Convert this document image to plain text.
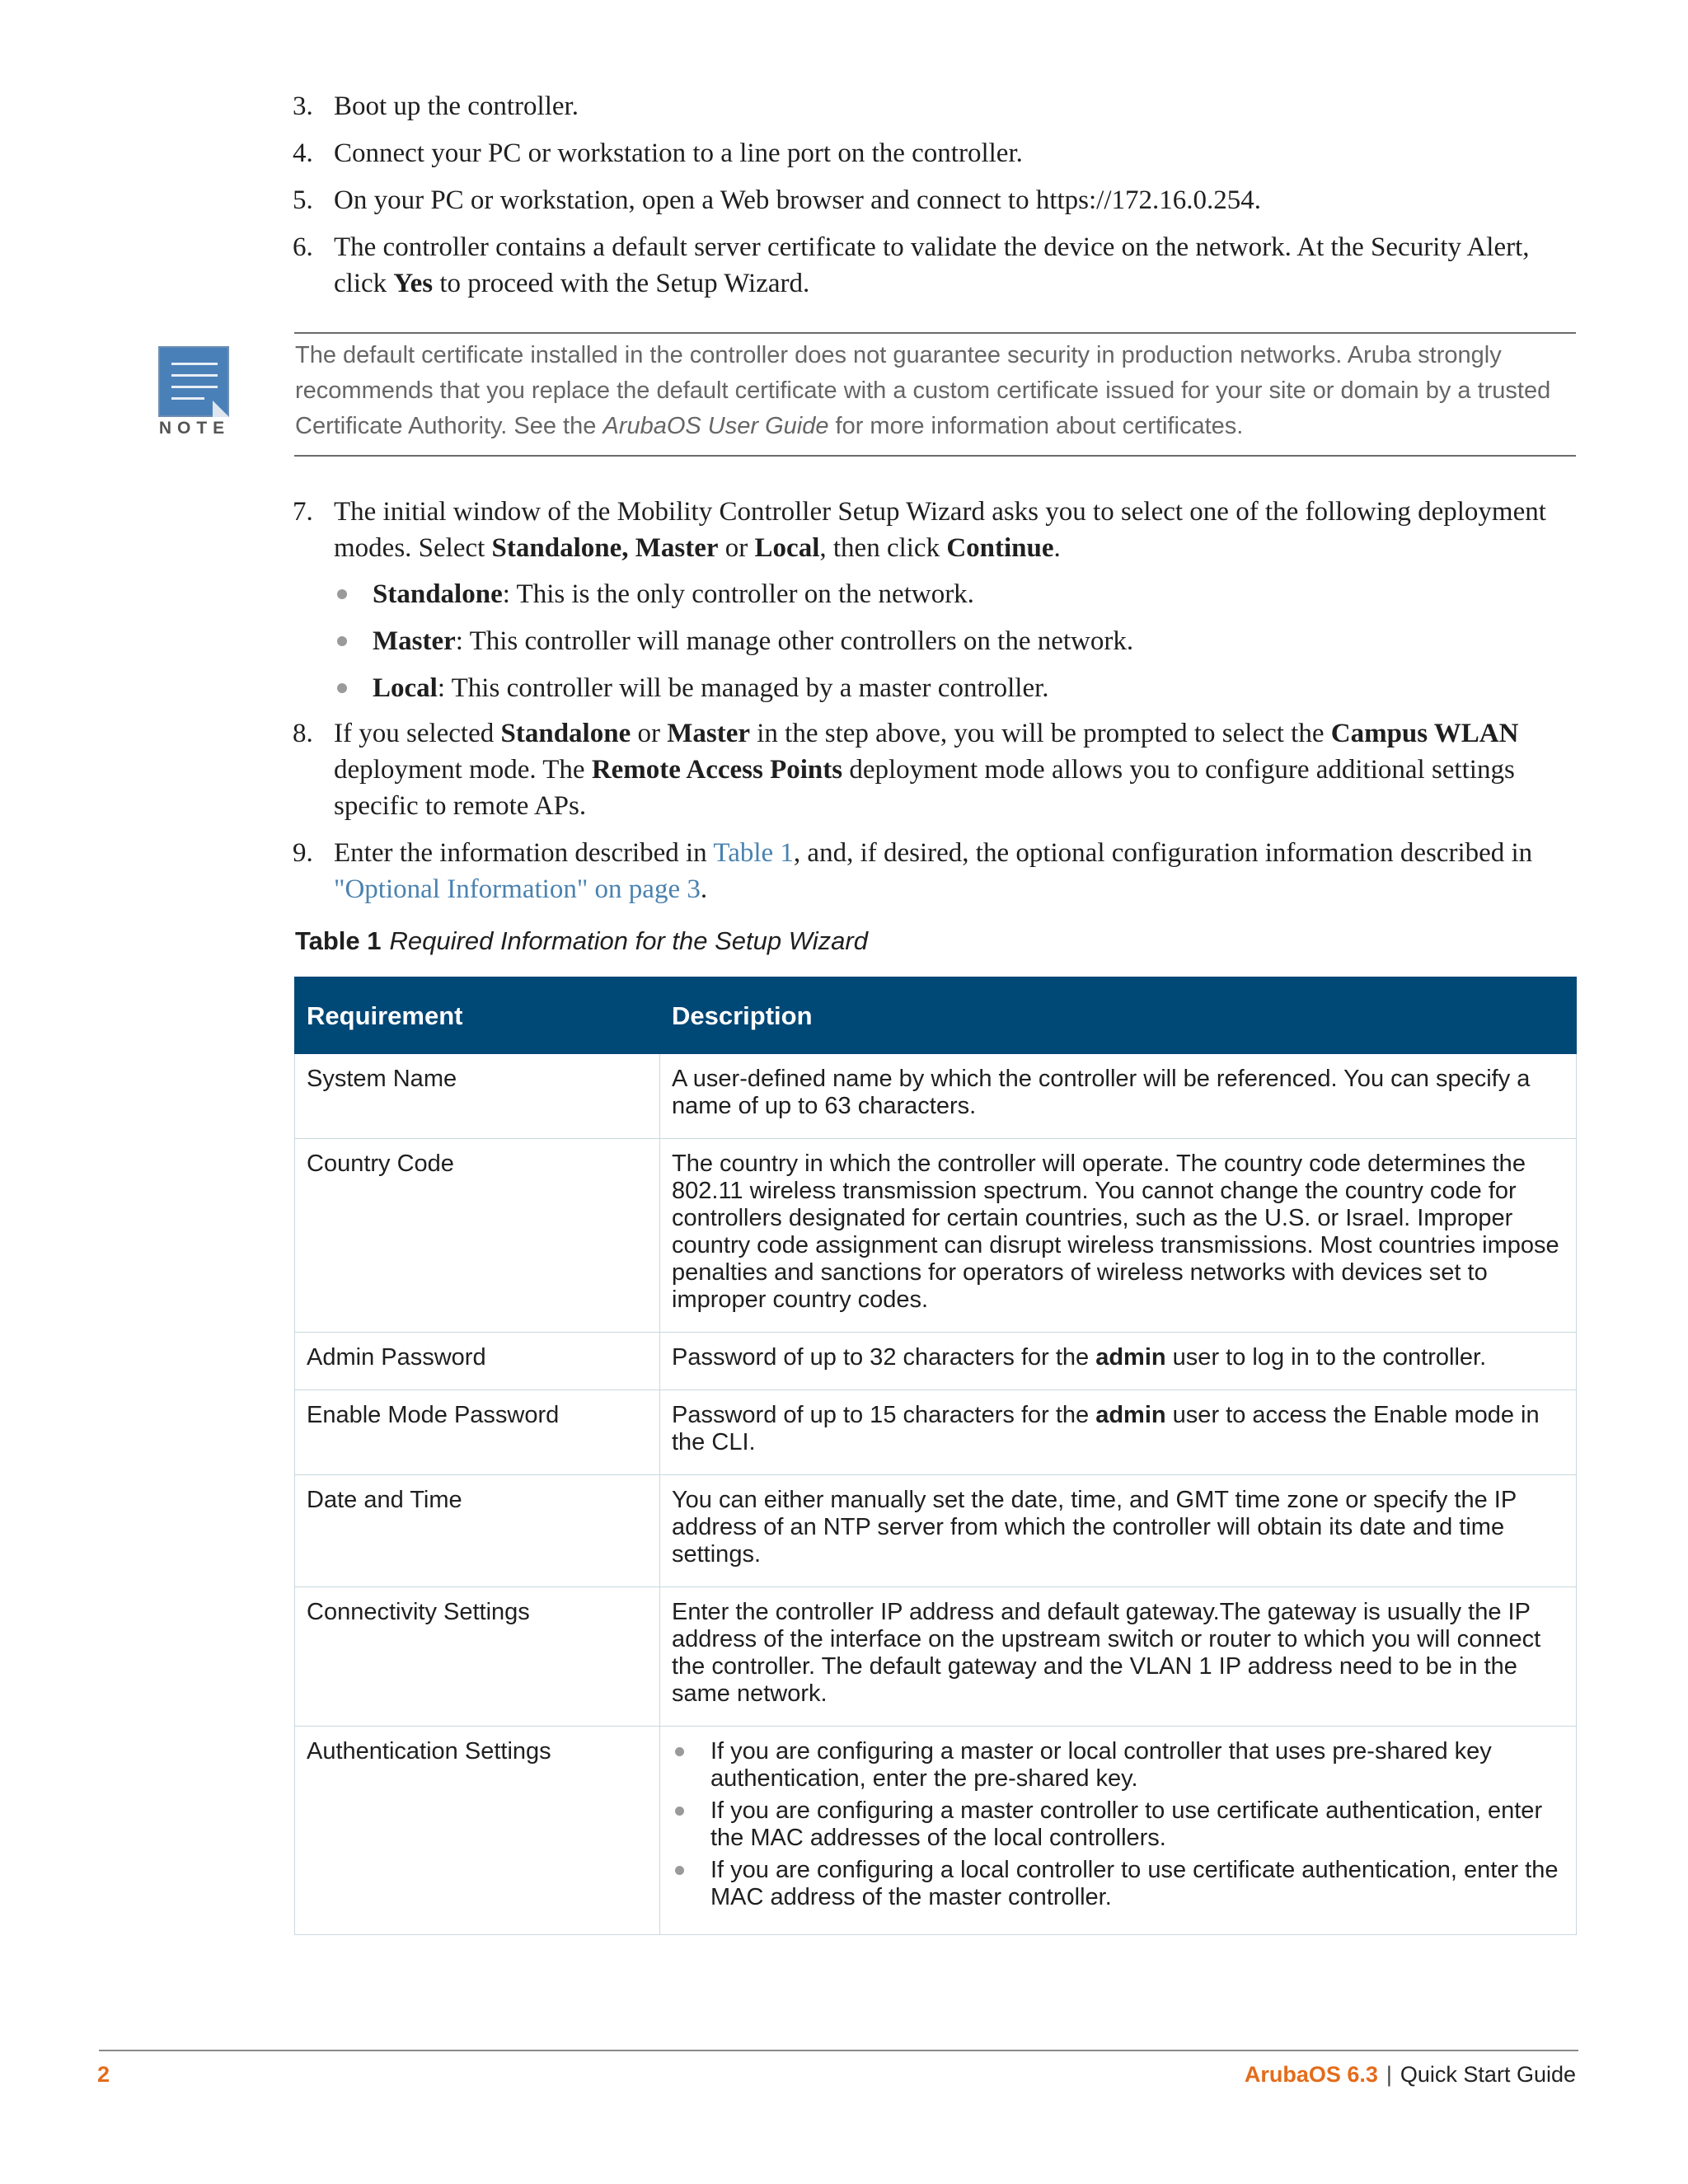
3. Boot up the controller.
4. Connect your PC or workstation to a line port on the controller.
5. On your PC or workstation, open a Web browser and connect to https://172.16.0.254.
6. The controller contains a default server certificate to validate the device on the network. At the Security Alert, click Yes to proceed with the Setup Wizard.
NOTE
The default certificate installed in the controller does not guarantee security in production networks. Aruba strongly recommends that you replace the default certificate with a custom certificate issued for your site or domain by a trusted Certificate Authority. See the ArubaOS User Guide for more information about certificates.
7. The initial window of the Mobility Controller Setup Wizard asks you to select one of the following deployment modes. Select Standalone, Master or Local, then click Continue.
Standalone: This is the only controller on the network.
Master: This controller will manage other controllers on the network.
Local: This controller will be managed by a master controller.
8. If you selected Standalone or Master in the step above, you will be prompted to select the Campus WLAN deployment mode. The Remote Access Points deployment mode allows you to configure additional settings specific to remote APs.
9. Enter the information described in Table 1, and, if desired, the optional configuration information described in "Optional Information" on page 3.
Table 1 Required Information for the Setup Wizard
Requirement	Description
System Name	A user-defined name by which the controller will be referenced. You can specify a name of up to 63 characters.
Country Code	The country in which the controller will operate. The country code determines the 802.11 wireless transmission spectrum. You cannot change the country code for controllers designated for certain countries, such as the U.S. or Israel. Improper country code assignment can disrupt wireless transmissions. Most countries impose penalties and sanctions for operators of wireless networks with devices set to improper country codes.
Admin Password	Password of up to 32 characters for the admin user to log in to the controller.
Enable Mode Password	Password of up to 15 characters for the admin user to access the Enable mode in the CLI.
Date and Time	You can either manually set the date, time, and GMT time zone or specify the IP address of an NTP server from which the controller will obtain its date and time settings.
Connectivity Settings	Enter the controller IP address and default gateway.The gateway is usually the IP address of the interface on the upstream switch or router to which you will connect the controller. The default gateway and the VLAN 1 IP address need to be in the same network.
Authentication Settings	If you are configuring a master or local controller that uses pre-shared key authentication, enter the pre-shared key.
If you are configuring a master controller to use certificate authentication, enter the MAC addresses of the local controllers.
If you are configuring a local controller to use certificate authentication, enter the MAC address of the master controller.
2	ArubaOS 6.3 | Quick Start Guide
